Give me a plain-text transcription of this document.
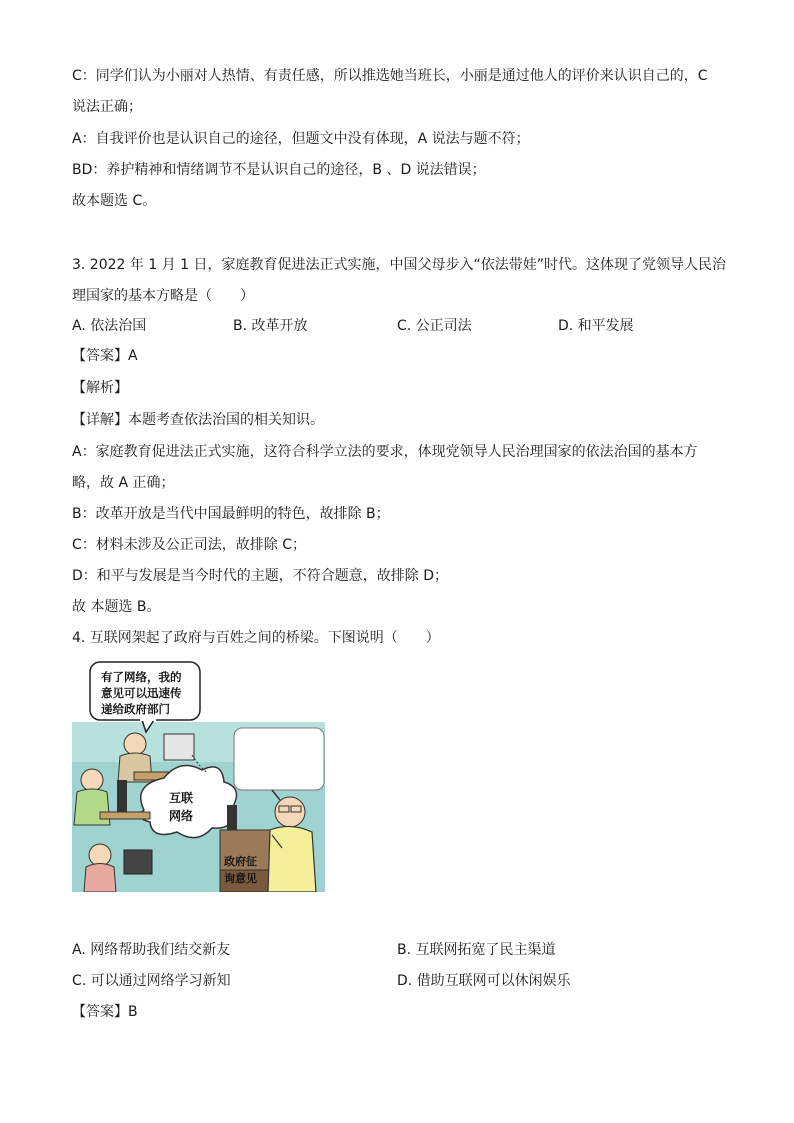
C：同学们认为小丽对人热情、有责任感，所以推选她当班长，小丽是通过他人的评价来认识自己的，C
说法正确；
A：自我评价也是认识自己的途径，但题文中没有体现，A 说法与题不符；
BD：养护精神和情绪调节不是认识自己的途径，B 、D 说法错误；
故本题选 C。
3. 2022 年 1 月 1 日，家庭教育促进法正式实施，中国父母步入“依法带娃”时代。这体现了党领导人民治
理国家的基本方略是（　　）
A. 依法治国	B. 改革开放	C. 公正司法	D. 和平发展
【答案】A
【解析】
【详解】本题考查依法治国的相关知识。
A：家庭教育促进法正式实施，这符合科学立法的要求，体现党领导人民治理国家的依法治国的基本方
略，故 A 正确；
B：改革开放是当代中国最鲜明的特色，故排除 B；
C：材料未涉及公正司法，故排除 C；
D：和平与发展是当今时代的主题，不符合题意，故排除 D；
故 本题选 B。
4. 互联网架起了政府与百姓之间的桥梁。下图说明（　　）
有了网络，我的
意见可以迅速传
递给政府部门
互联
网络
政府征
询意见
A. 网络帮助我们结交新友	B. 互联网拓宽了民主渠道
C. 可以通过网络学习新知	D. 借助互联网可以休闲娱乐
【答案】B
